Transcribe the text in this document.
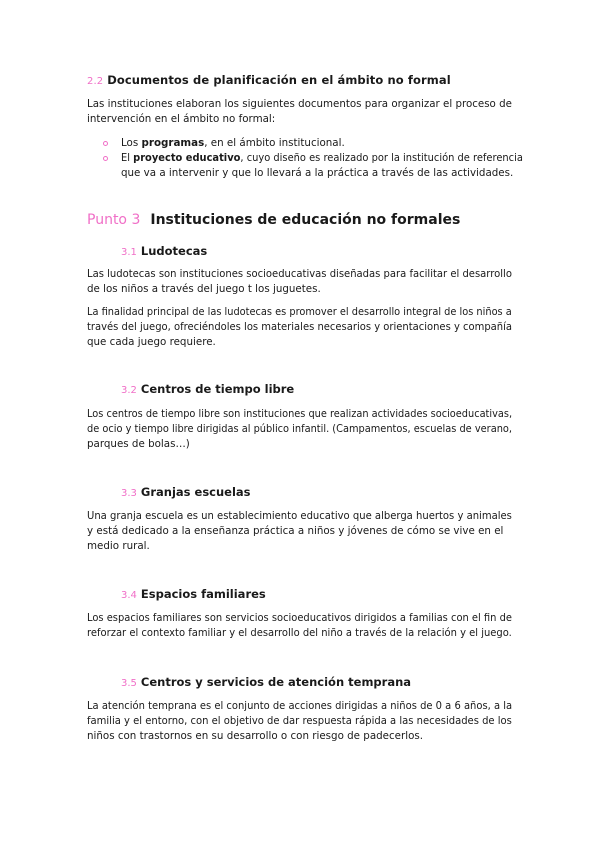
2.2 Documentos de planificación en el ámbito no formal
Las instituciones elaboran los siguientes documentos para organizar el proceso de
intervención en el ámbito no formal:
Los programas, en el ámbito institucional.
El proyecto educativo, cuyo diseño es realizado por la institución de referencia
que va a intervenir y que lo llevará a la práctica a través de las actividades.
Punto 3 Instituciones de educación no formales
3.1 Ludotecas
Las ludotecas son instituciones socioeducativas diseñadas para facilitar el desarrollo
de los niños a través del juego t los juguetes.
La finalidad principal de las ludotecas es promover el desarrollo integral de los niños a
través del juego, ofreciéndoles los materiales necesarios y orientaciones y compañía
que cada juego requiere.
3.2 Centros de tiempo libre
Los centros de tiempo libre son instituciones que realizan actividades socioeducativas,
de ocio y tiempo libre dirigidas al público infantil. (Campamentos, escuelas de verano,
parques de bolas…)
3.3 Granjas escuelas
Una granja escuela es un establecimiento educativo que alberga huertos y animales
y está dedicado a la enseñanza práctica a niños y jóvenes de cómo se vive en el
medio rural.
3.4 Espacios familiares
Los espacios familiares son servicios socioeducativos dirigidos a familias con el fin de
reforzar el contexto familiar y el desarrollo del niño a través de la relación y el juego.
3.5 Centros y servicios de atención temprana
La atención temprana es el conjunto de acciones dirigidas a niños de 0 a 6 años, a la
familia y el entorno, con el objetivo de dar respuesta rápida a las necesidades de los
niños con trastornos en su desarrollo o con riesgo de padecerlos.
